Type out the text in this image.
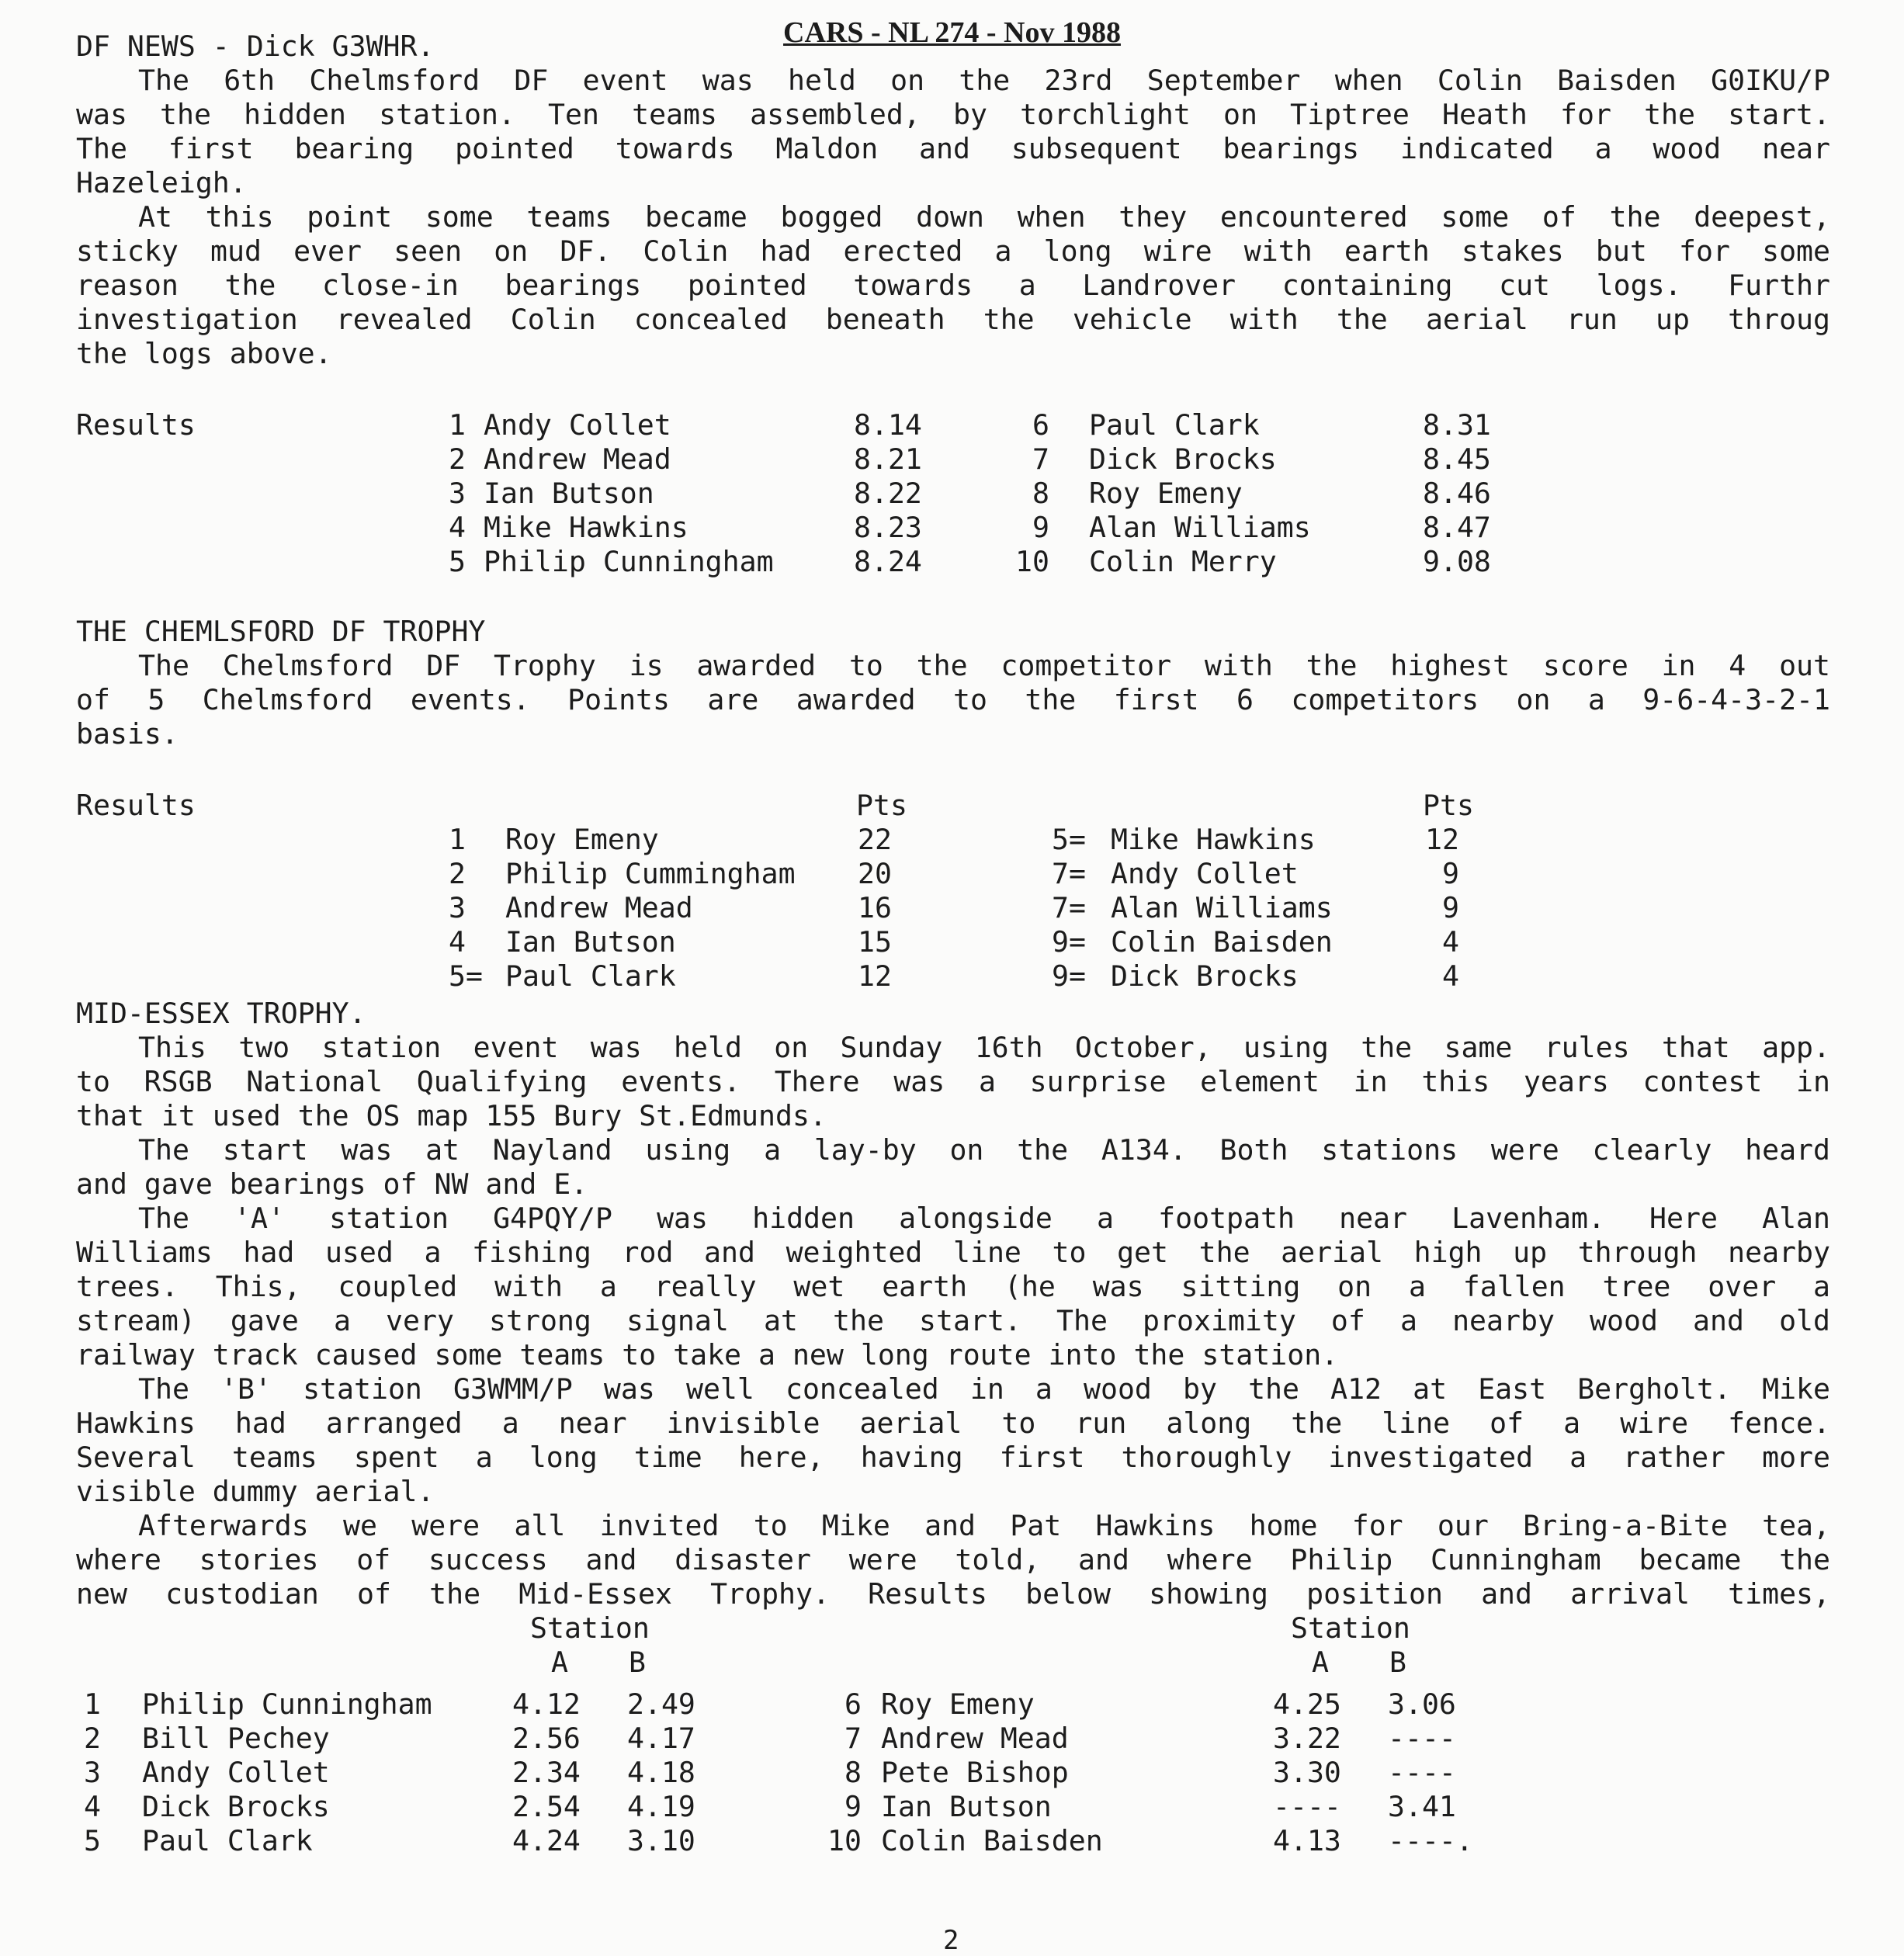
CARS - NL 274 - Nov 1988
DF NEWS - Dick G3WHR.
The 6th Chelmsford DF event was held on the 23rd September when Colin Baisden G0IKU/P
was the hidden station. Ten teams assembled, by torchlight on Tiptree Heath for the start.
The first bearing pointed towards Maldon and subsequent bearings indicated a wood near
Hazeleigh.
At this point some teams became bogged down when they encountered some of the deepest,
sticky mud ever seen on DF. Colin had erected a long wire with earth stakes but for some
reason the close-in bearings pointed towards a Landrover containing cut logs. Furthr
investigation revealed Colin concealed beneath the vehicle with the aerial run up throug
the logs above.
Results	1 Andy Collet	8.14
2 Andrew Mead	8.21
3 Ian Butson	8.22
4 Mike Hawkins	8.23
5 Philip Cunningham	8.24
6 Paul Clark	8.31
7 Dick Brocks	8.45
8 Roy Emeny	8.46
9 Alan Williams	8.47
10 Colin Merry	9.08
THE CHEMLSFORD DF TROPHY
The Chelmsford DF Trophy is awarded to the competitor with the highest score in 4 out
of 5 Chelmsford events. Points are awarded to the first 6 competitors on a 9-6-4-3-2-1
basis.
Results	Pts	Pts
1 Roy Emeny	22
2 Philip Cummingham 20
3 Andrew Mead	16
4 Ian Butson	15
5= Paul Clark	12
5= Mike Hawkins	12
7= Andy Collet	9
7= Alan Williams	9
9= Colin Baisden	4
9= Dick Brocks	4
MID-ESSEX TROPHY.
This two station event was held on Sunday 16th October, using the same rules that app.
to RSGB National Qualifying events. There was a surprise element in this years contest in
that it used the OS map 155 Bury St.Edmunds.
The start was at Nayland using a lay-by on the A134. Both stations were clearly heard
and gave bearings of NW and E.
The 'A' station G4PQY/P was hidden alongside a footpath near Lavenham. Here Alan
Williams had used a fishing rod and weighted line to get the aerial high up through nearby
trees. This, coupled with a really wet earth (he was sitting on a fallen tree over a
stream) gave a very strong signal at the start. The proximity of a nearby wood and old
railway track caused some teams to take a new long route into the station.
The 'B' station G3WMM/P was well concealed in a wood by the A12 at East Bergholt. Mike
Hawkins had arranged a near invisible aerial to run along the line of a wire fence.
Several teams spent a long time here, having first thoroughly investigated a rather more
visible dummy aerial.
Afterwards we were all invited to Mike and Pat Hawkins home for our Bring-a-Bite tea,
where stories of success and disaster were told, and where Philip Cunningham became the
new custodian of the Mid-Essex Trophy. Results below showing position and arrival times,
Station
A B
Station
A B
1 Philip Cunningham	4.12 2.49
2 Bill Pechey	2.56 4.17
3 Andy Collet	2.34 4.18
4 Dick Brocks	2.54 4.19
5 Paul Clark	4.24 3.10
6 Roy Emeny	4.25 3.06
7 Andrew Mead	3.22 ----
8 Pete Bishop	3.30 ----
9 Ian Butson	---- 3.41
10 Colin Baisden	4.13 ----.
2
